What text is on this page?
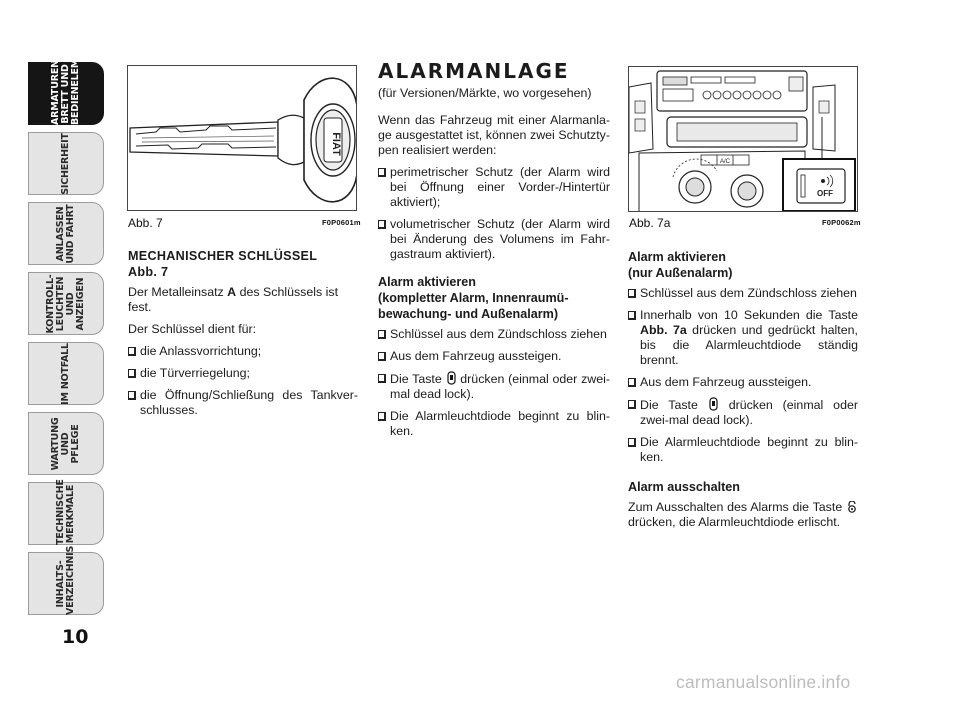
ARMATUREN-
BRETT UND
BEDIENELEMENTE
SICHERHEIT
ANLASSEN
UND FAHRT
KONTROLL-
LEUCHTEN UND
ANZEIGEN
IM NOTFALL
WARTUNG UND
PFLEGE
TECHNISCHE
MERKMALE
INHALTS-
VERZEICHNIS
10
FIAT
Abb. 7	F0P0601m
A/C
OFF
Abb. 7a	F0P0062m
MECHANISCHER SCHLÜSSEL
Abb. 7

Der Metalleinsatz A des Schlüssels ist fest.

Der Schlüssel dient für:

die Anlassvorrichtung;
die Türverriegelung;
die Öffnung/Schließung des Tankver-schlusses.
ALARMANLAGE

(für Versionen/Märkte, wo vorgesehen)

Wenn das Fahrzeug mit einer Alarmanla-ge ausgestattet ist, können zwei Schutzty-pen realisiert werden:

perimetrischer Schutz (der Alarm wird bei Öffnung einer Vorder-/Hintertür aktiviert);
volumetrischer Schutz (der Alarm wird bei Änderung des Volumens im Fahr-gastraum aktiviert).
Alarm aktivieren
(kompletter Alarm, Innenraumü-
bewachung- und Außenalarm)
Schlüssel aus dem Zündschloss ziehen
Aus dem Fahrzeug aussteigen.
Die Taste drücken (einmal oder zwei-mal dead lock).
Die Alarmleuchtdiode beginnt zu blin-ken.
Alarm aktivieren
(nur Außenalarm)
Schlüssel aus dem Zündschloss ziehen
Innerhalb von 10 Sekunden die Taste Abb. 7a drücken und gedrückt halten, bis die Alarmleuchtdiode ständig brennt.
Aus dem Fahrzeug aussteigen.
Die Taste drücken (einmal oder zwei-mal dead lock).
Die Alarmleuchtdiode beginnt zu blin-ken.
Alarm ausschalten

Zum Ausschalten des Alarms die Taste  drücken, die Alarmleuchtdiode erlischt.

carmanualsonline.info
